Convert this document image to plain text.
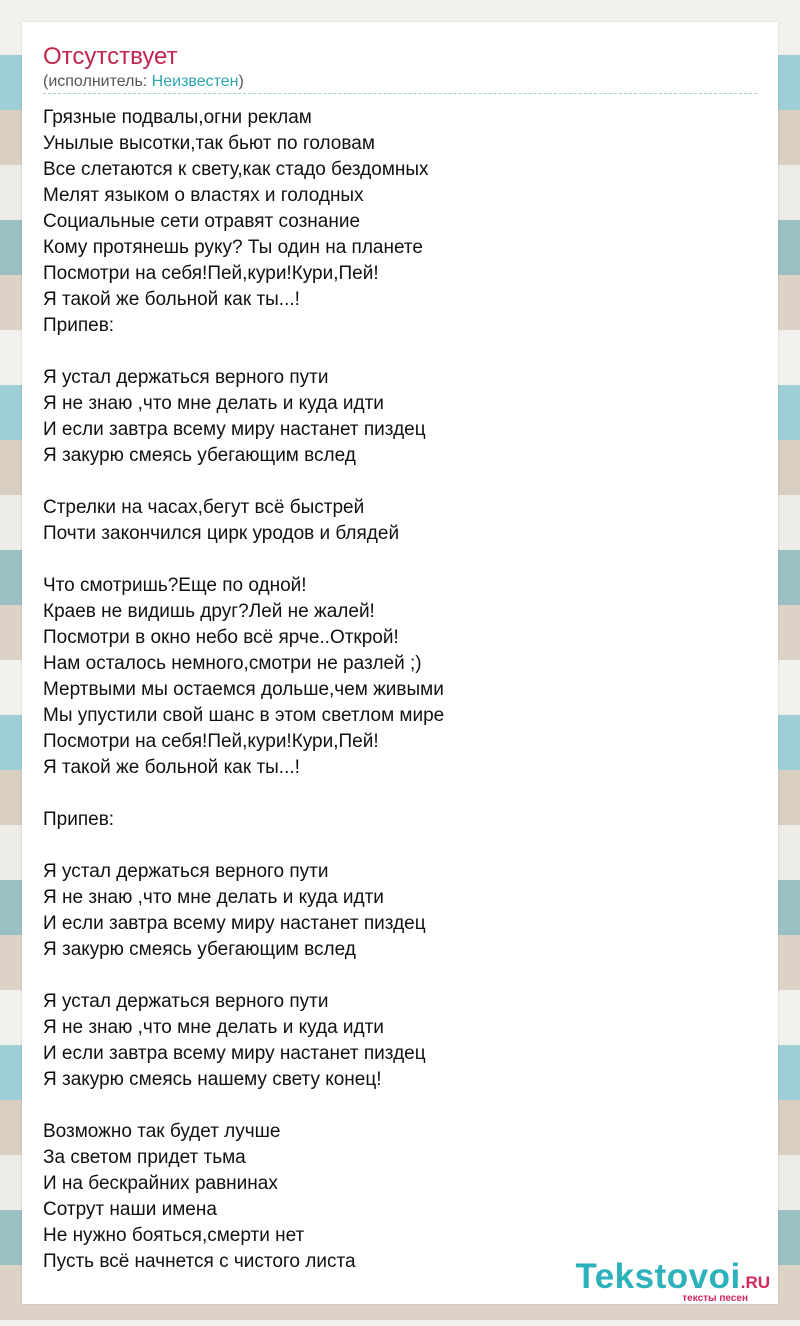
Отсутствует
(исполнитель: Неизвестен)
Грязные подвалы,огни реклам
Унылые высотки,так бьют по головам
Все слетаются к свету,как стадо бездомных
Мелят языком о властях и голодных
Социальные сети отравят сознание
Кому протянешь руку? Ты один на планете
Посмотри на себя!Пей,кури!Кури,Пей!
Я такой же больной как ты...!
Припев:
Я устал держаться верного пути
Я не знаю ,что мне делать и куда идти
И если завтра всему миру настанет пиздец
Я закурю смеясь убегающим вслед
Стрелки на часах,бегут всё быстрей
Почти закончился цирк уродов и блядей
Что смотришь?Еще по одной!
Краев не видишь друг?Лей не жалей!
Посмотри в окно небо всё ярче..Открой!
Нам осталось немного,смотри не разлей ;)
Мертвыми мы остаемся дольше,чем живыми
Мы упустили свой шанс в этом светлом мире
Посмотри на себя!Пей,кури!Кури,Пей!
Я такой же больной как ты...!
Припев:
Я устал держаться верного пути
Я не знаю ,что мне делать и куда идти
И если завтра всему миру настанет пиздец
Я закурю смеясь убегающим вслед
Я устал держаться верного пути
Я не знаю ,что мне делать и куда идти
И если завтра всему миру настанет пиздец
Я закурю смеясь нашему свету конец!
Возможно так будет лучше
За светом придет тьма
И на бескрайних равнинах
Сотрут наши имена
Не нужно бояться,смерти нет
Пусть всё начнется с чистого листа	Tekstovoi.RU
тексты песен
